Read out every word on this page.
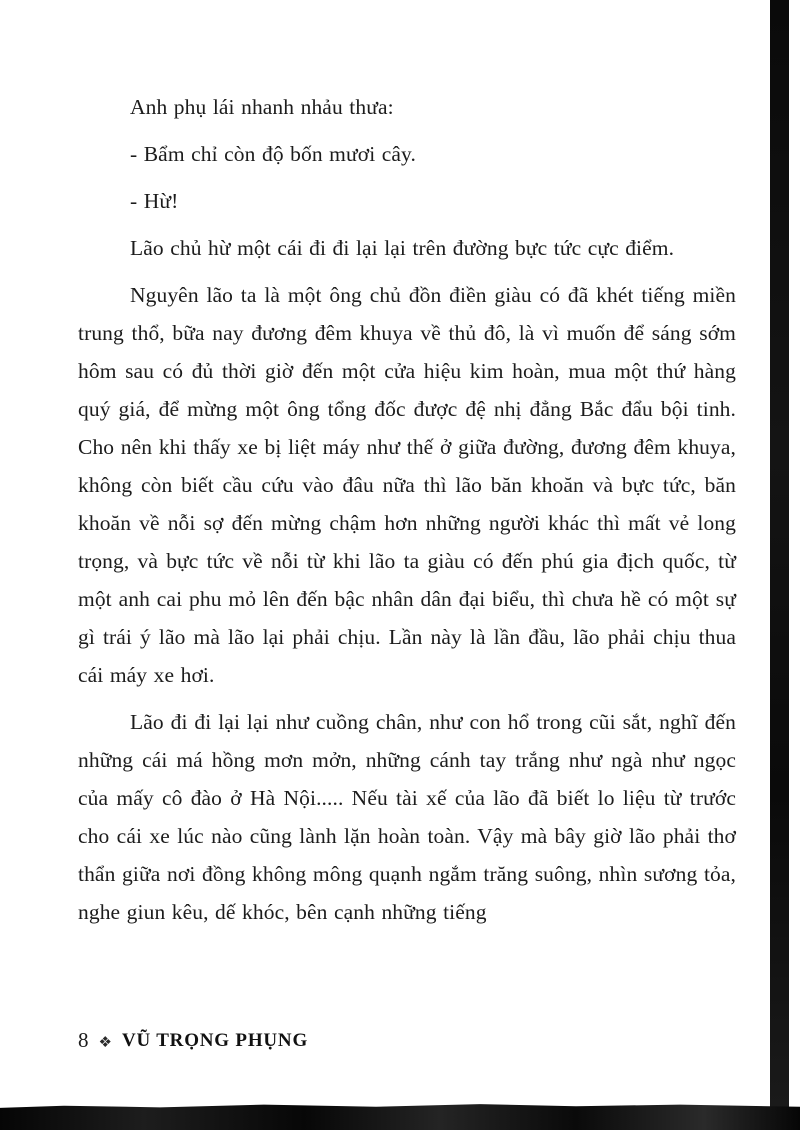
Anh phụ lái nhanh nhảu thưa:

- Bẩm chỉ còn độ bốn mươi cây.

- Hừ!

Lão chủ hừ một cái đi đi lại lại trên đường bực tức cực điểm.

Nguyên lão ta là một ông chủ đồn điền giàu có đã khét tiếng miền trung thổ, bữa nay đương đêm khuya về thủ đô, là vì muốn để sáng sớm hôm sau có đủ thời giờ đến một cửa hiệu kim hoàn, mua một thứ hàng quý giá, để mừng một ông tổng đốc được đệ nhị đẳng Bắc đẩu bội tinh. Cho nên khi thấy xe bị liệt máy như thế ở giữa đường, đương đêm khuya, không còn biết cầu cứu vào đâu nữa thì lão băn khoăn và bực tức, băn khoăn về nỗi sợ đến mừng chậm hơn những người khác thì mất vẻ long trọng, và bực tức về nỗi từ khi lão ta giàu có đến phú gia địch quốc, từ một anh cai phu mỏ lên đến bậc nhân dân đại biểu, thì chưa hề có một sự gì trái ý lão mà lão lại phải chịu. Lần này là lần đầu, lão phải chịu thua cái máy xe hơi.

Lão đi đi lại lại như cuồng chân, như con hổ trong cũi sắt, nghĩ đến những cái má hồng mơn mởn, những cánh tay trắng như ngà như ngọc của mấy cô đào ở Hà Nội..... Nếu tài xế của lão đã biết lo liệu từ trước cho cái xe lúc nào cũng lành lặn hoàn toàn. Vậy mà bây giờ lão phải thơ thẩn giữa nơi đồng không mông quạnh ngắm trăng suông, nhìn sương tỏa, nghe giun kêu, dế khóc, bên cạnh những tiếng

8 ❖ VŨ TRỌNG PHỤNG
